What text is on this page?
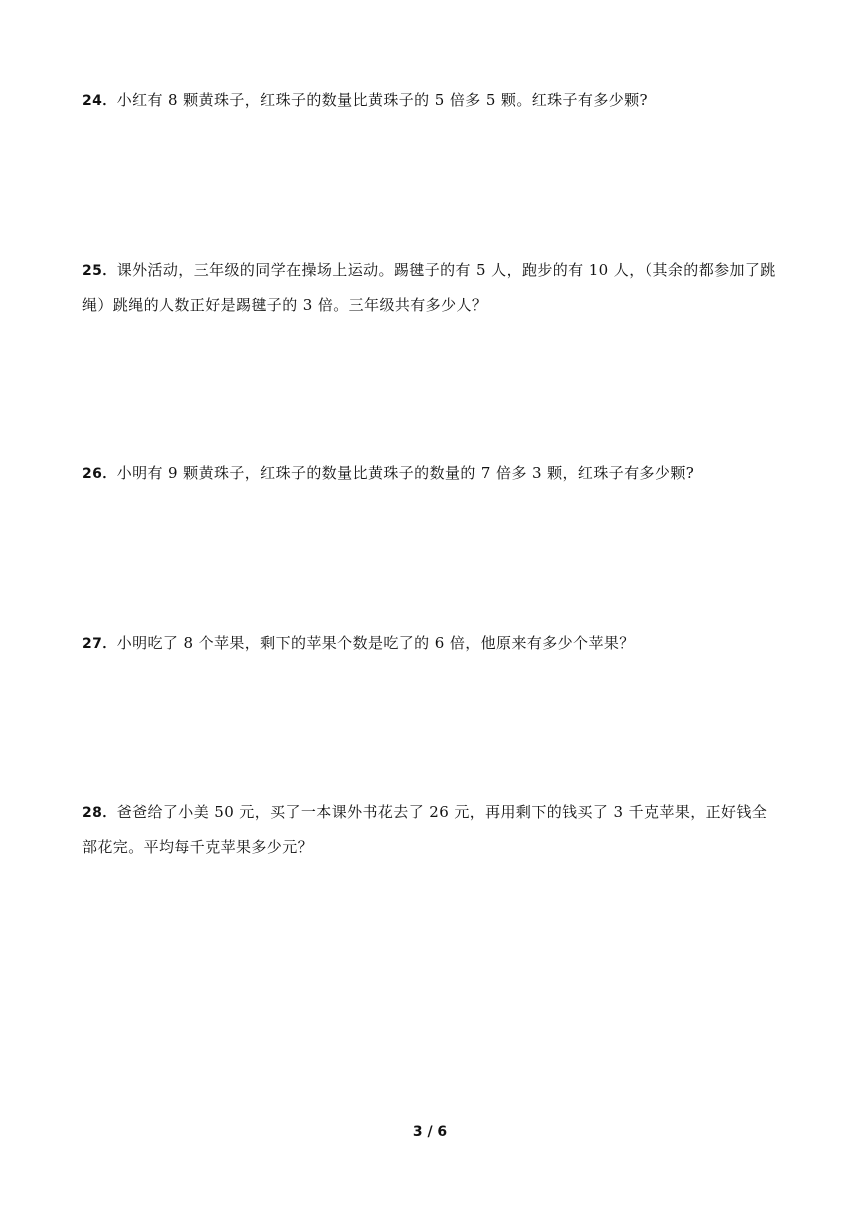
24．小红有 8 颗黄珠子，红珠子的数量比黄珠子的 5 倍多 5 颗。红珠子有多少颗?
25．课外活动，三年级的同学在操场上运动。踢毽子的有 5 人，跑步的有 10 人，（其余的都参加了跳绳）跳绳的人数正好是踢毽子的 3 倍。三年级共有多少人？
26．小明有 9 颗黄珠子，红珠子的数量比黄珠子的数量的 7 倍多 3 颗，红珠子有多少颗?
27．小明吃了 8 个苹果，剩下的苹果个数是吃了的 6 倍，他原来有多少个苹果？
28．爸爸给了小美 50 元，买了一本课外书花去了 26 元，再用剩下的钱买了 3 千克苹果，正好钱全部花完。平均每千克苹果多少元？
3 / 6
